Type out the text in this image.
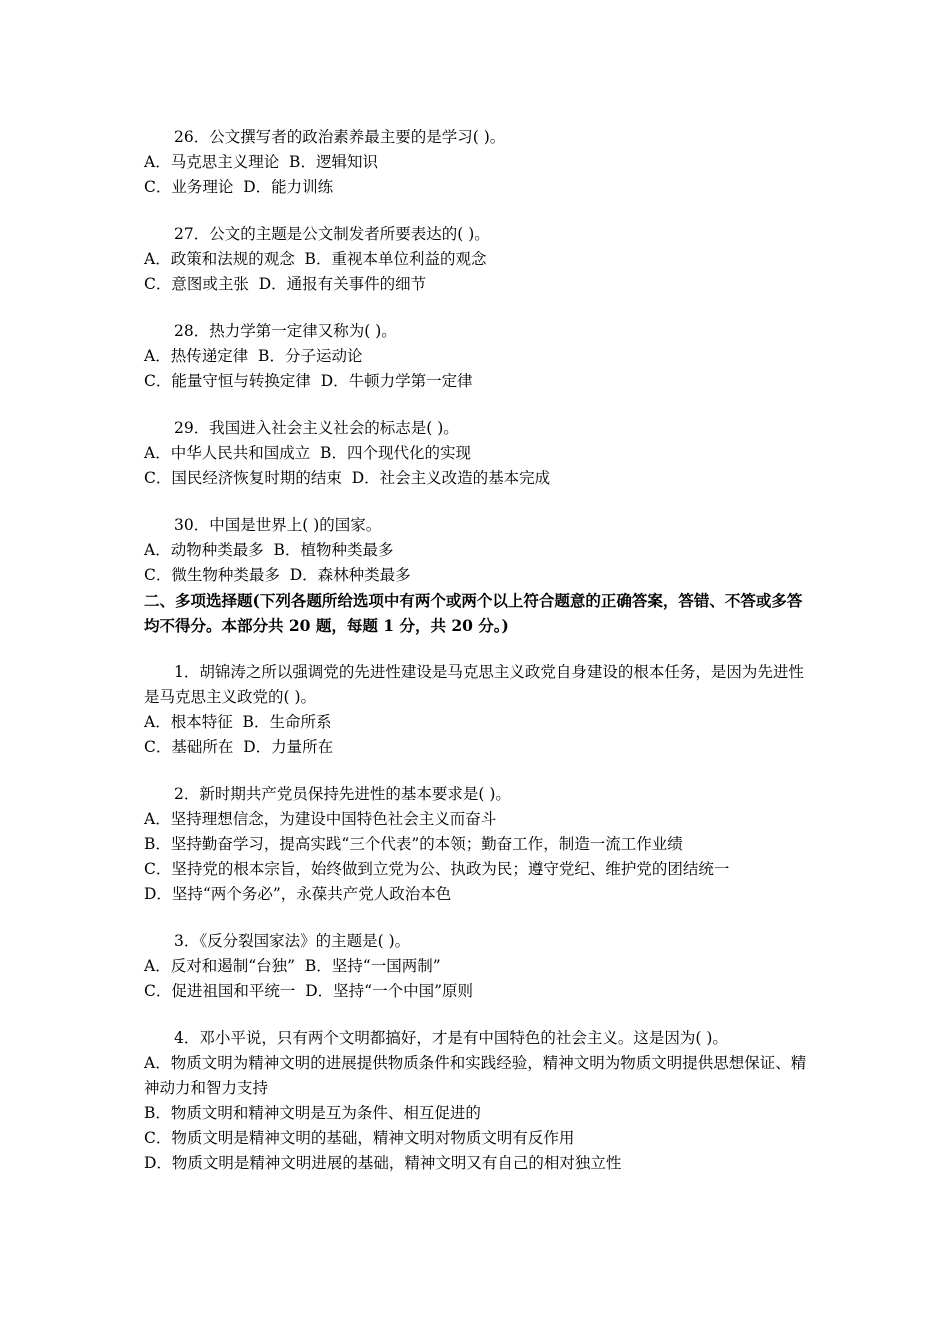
26．公文撰写者的政治素养最主要的是学习( )。
A．马克思主义理论  B．逻辑知识
C．业务理论  D．能力训练
27．公文的主题是公文制发者所要表达的( )。
A．政策和法规的观念  B．重视本单位利益的观念
C．意图或主张  D．通报有关事件的细节
28．热力学第一定律又称为( )。
A．热传递定律  B．分子运动论
C．能量守恒与转换定律  D．牛顿力学第一定律
29．我国进入社会主义社会的标志是( )。
A．中华人民共和国成立  B．四个现代化的实现
C．国民经济恢复时期的结束  D．社会主义改造的基本完成
30．中国是世界上( )的国家。
A．动物种类最多  B．植物种类最多
C．微生物种类最多  D．森林种类最多
二、多项选择题(下列各题所给选项中有两个或两个以上符合题意的正确答案，答错、不答或多答均不得分。本部分共 20 题，每题 1 分，共 20 分。)
1．胡锦涛之所以强调党的先进性建设是马克思主义政党自身建设的根本任务，是因为先进性是马克思主义政党的( )。
A．根本特征  B．生命所系
C．基础所在  D．力量所在
2．新时期共产党员保持先进性的基本要求是( )。
A．坚持理想信念，为建设中国特色社会主义而奋斗
B．坚持勤奋学习，提高实践“三个代表”的本领；勤奋工作，制造一流工作业绩
C．坚持党的根本宗旨，始终做到立党为公、执政为民；遵守党纪、维护党的团结统一
D．坚持“两个务必”，永葆共产党人政治本色
3．《反分裂国家法》的主题是( )。
A．反对和遏制“台独”  B．坚持“一国两制”
C．促进祖国和平统一  D．坚持“一个中国”原则
4．邓小平说，只有两个文明都搞好，才是有中国特色的社会主义。这是因为( )。
A．物质文明为精神文明的进展提供物质条件和实践经验，精神文明为物质文明提供思想保证、精神动力和智力支持
B．物质文明和精神文明是互为条件、相互促进的
C．物质文明是精神文明的基础，精神文明对物质文明有反作用
D．物质文明是精神文明进展的基础，精神文明又有自己的相对独立性
